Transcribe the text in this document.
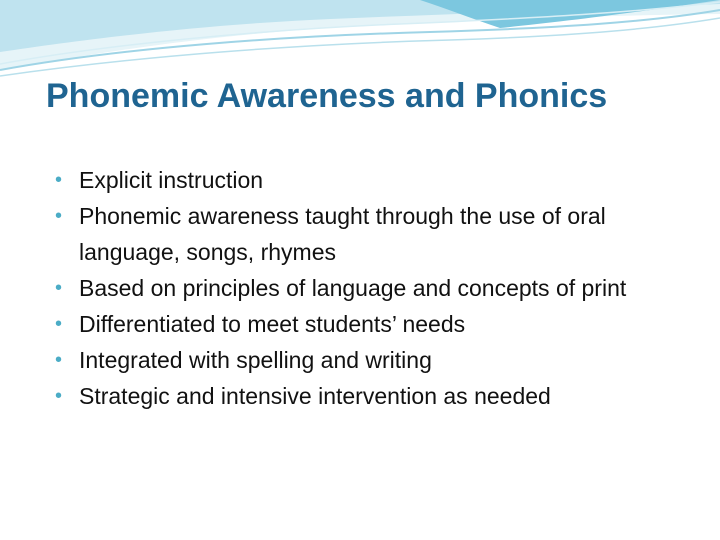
Phonemic Awareness and Phonics
• Explicit instruction
• Phonemic awareness taught through the use of oral language, songs, rhymes
• Based on principles of language and concepts of print
• Differentiated to meet students’ needs
• Integrated with spelling and writing
• Strategic and intensive intervention as needed
